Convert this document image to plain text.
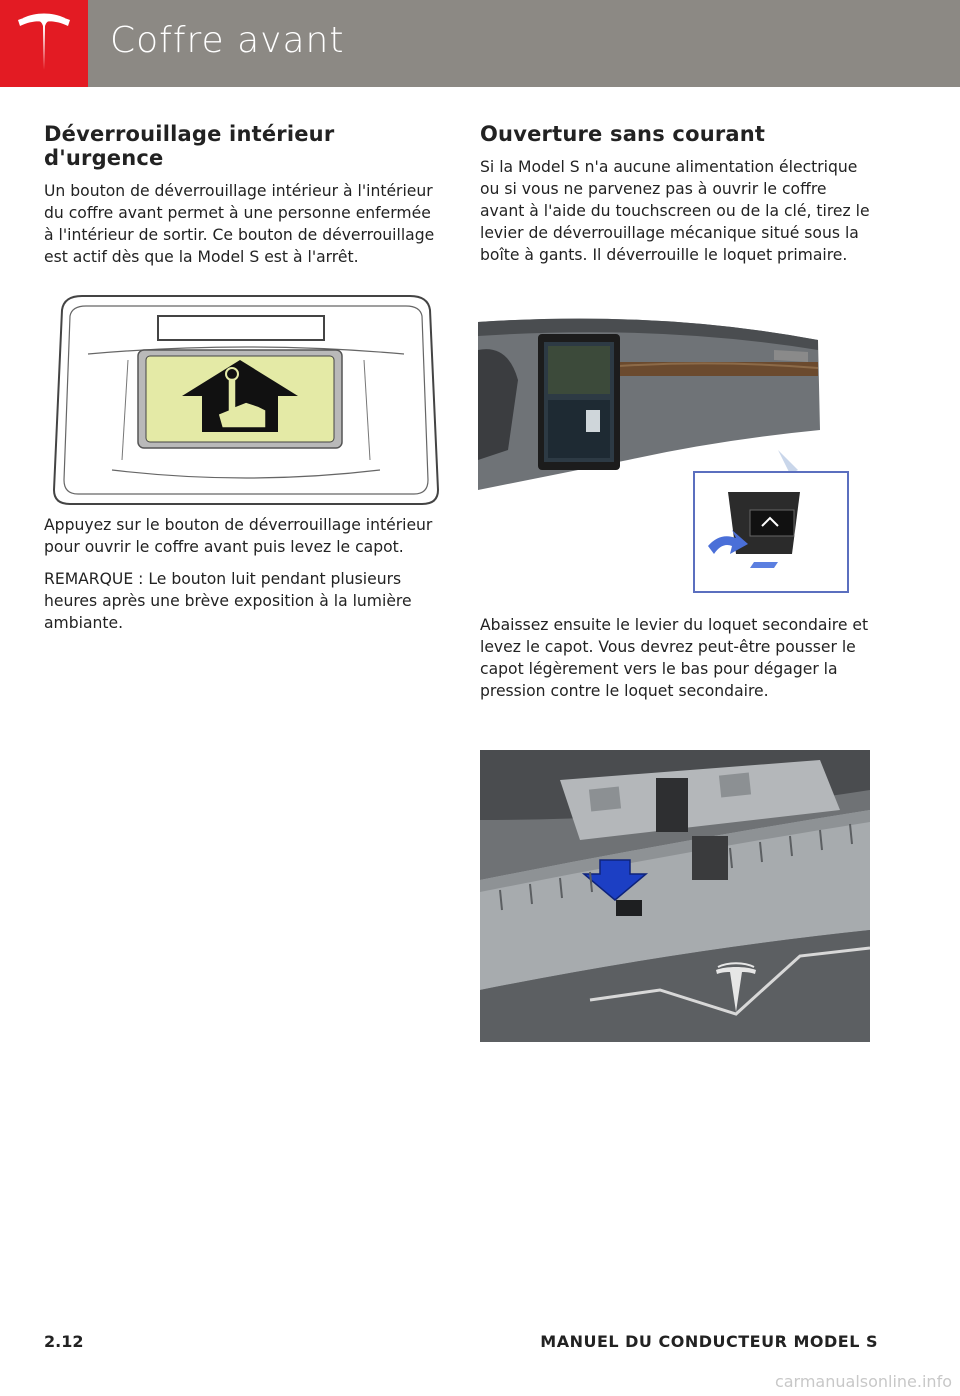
Coffre avant
Déverrouillage intérieur d'urgence

Un bouton de déverrouillage intérieur à l'intérieur du coffre avant permet à une personne enfermée à l'intérieur de sortir. Ce bouton de déverrouillage est actif dès que la Model S est à l'arrêt.

Appuyez sur le bouton de déverrouillage intérieur pour ouvrir le coffre avant puis levez le capot.

REMARQUE : Le bouton luit pendant plusieurs heures après une brève exposition à la lumière ambiante.

Ouverture sans courant

Si la Model S n'a aucune alimentation électrique ou si vous ne parvenez pas à ouvrir le coffre avant à l'aide du touchscreen ou de la clé, tirez le levier de déverrouillage mécanique situé sous la boîte à gants. Il déverrouille le loquet primaire.

Abaissez ensuite le levier du loquet secondaire et levez le capot. Vous devrez peut-être pousser le capot légèrement vers le bas pour dégager la pression contre le loquet secondaire.

2.12	MANUEL DU CONDUCTEUR MODEL S
carmanualsonline.info
